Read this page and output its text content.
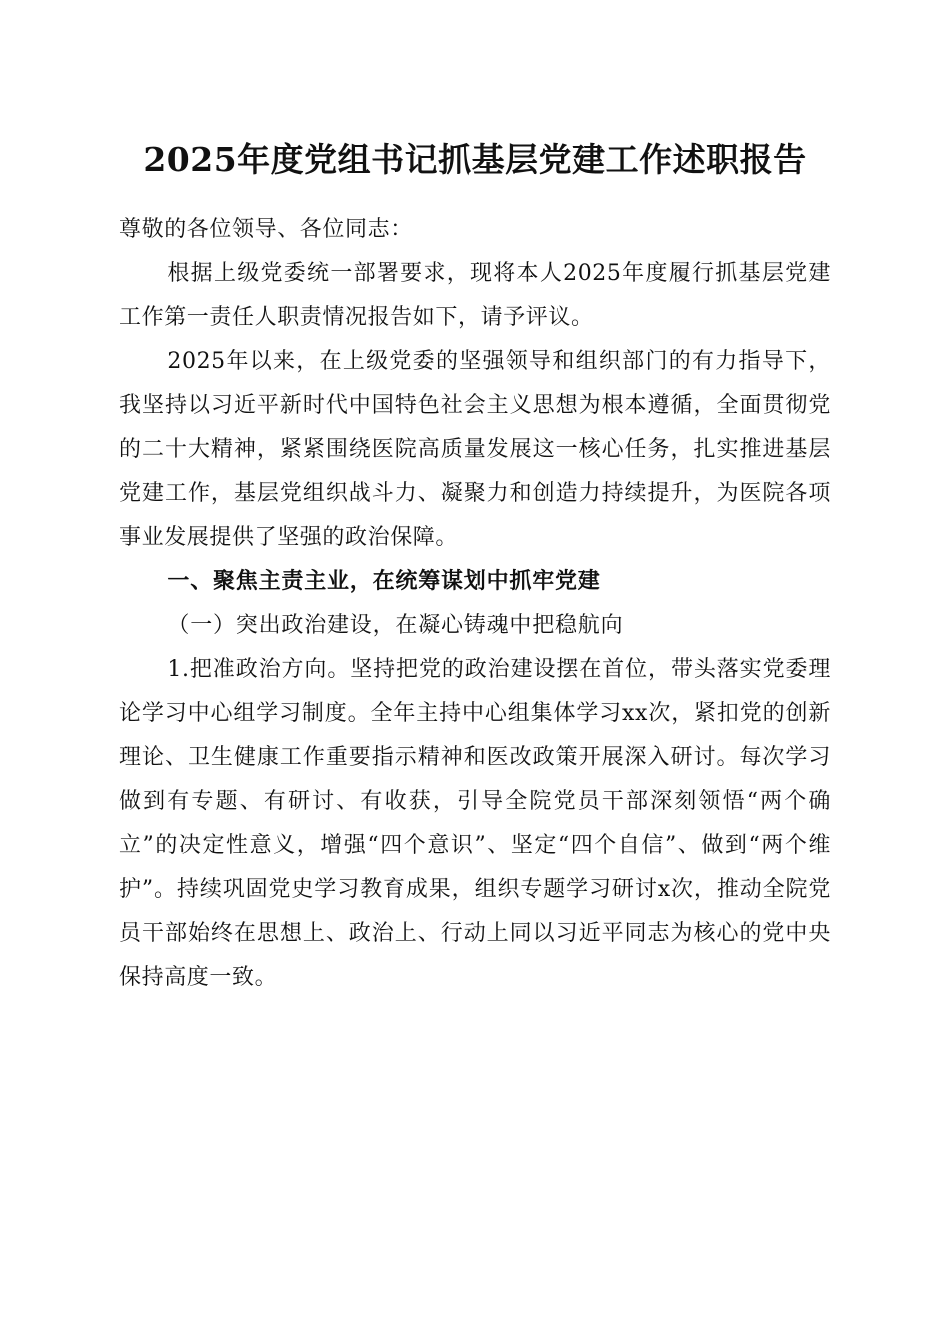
2025年度党组书记抓基层党建工作述职报告

尊敬的各位领导、各位同志：

根据上级党委统一部署要求，现将本人2025年度履行抓基层党建工作第一责任人职责情况报告如下，请予评议。

2025年以来，在上级党委的坚强领导和组织部门的有力指导下，我坚持以习近平新时代中国特色社会主义思想为根本遵循，全面贯彻党的二十大精神，紧紧围绕医院高质量发展这一核心任务，扎实推进基层党建工作，基层党组织战斗力、凝聚力和创造力持续提升，为医院各项事业发展提供了坚强的政治保障。

一、聚焦主责主业，在统筹谋划中抓牢党建

（一）突出政治建设，在凝心铸魂中把稳航向

1.把准政治方向。坚持把党的政治建设摆在首位，带头落实党委理论学习中心组学习制度。全年主持中心组集体学习xx次，紧扣党的创新理论、卫生健康工作重要指示精神和医改政策开展深入研讨。每次学习做到有专题、有研讨、有收获，引导全院党员干部深刻领悟“两个确立”的决定性意义，增强“四个意识”、坚定“四个自信”、做到“两个维护”。持续巩固党史学习教育成果，组织专题学习研讨x次，推动全院党员干部始终在思想上、政治上、行动上同以习近平同志为核心的党中央保持高度一致。
